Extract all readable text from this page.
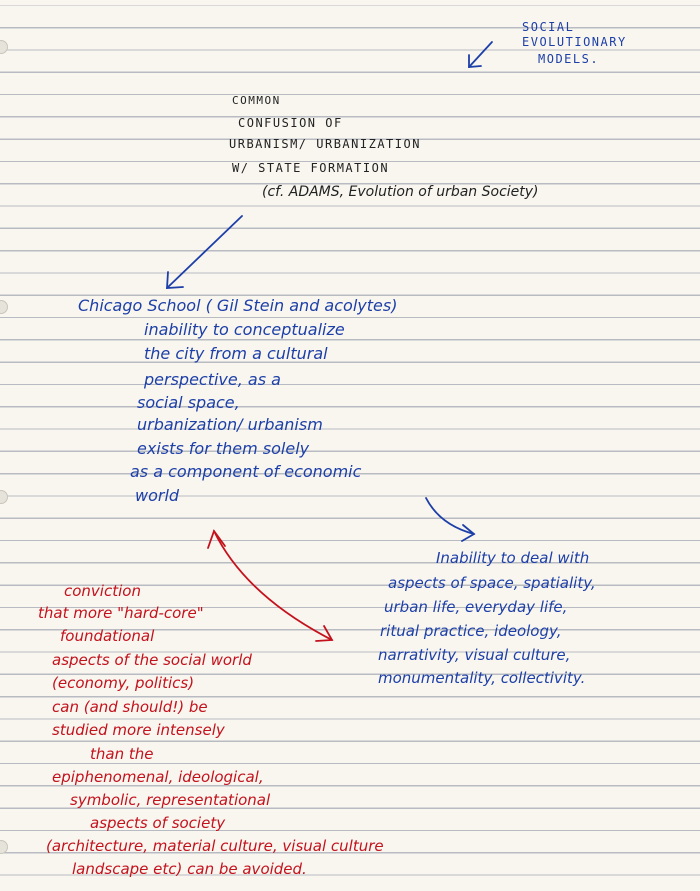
SOCIAL
EVOLUTIONARY
MODELS.
COMMON
CONFUSION OF
URBANISM/ URBANIZATION
W/ STATE FORMATION
(cf. ADAMS, Evolution of urban Society)
Chicago School ( Gil Stein and acolytes)
inability to conceptualize
the city from a cultural
perspective, as a
social space,
urbanization/ urbanism
exists for them solely
as a component of economic
world
Inability to deal with
aspects of space, spatiality,
urban life, everyday life,
ritual practice, ideology,
narrativity, visual culture,
monumentality, collectivity.
conviction
that more "hard-core"
foundational
aspects of the social world
(economy, politics)
can (and should!) be
studied more intensely
than the
epiphenomenal, ideological,
symbolic, representational
aspects of society
(architecture, material culture, visual culture
landscape etc) can be avoided.
